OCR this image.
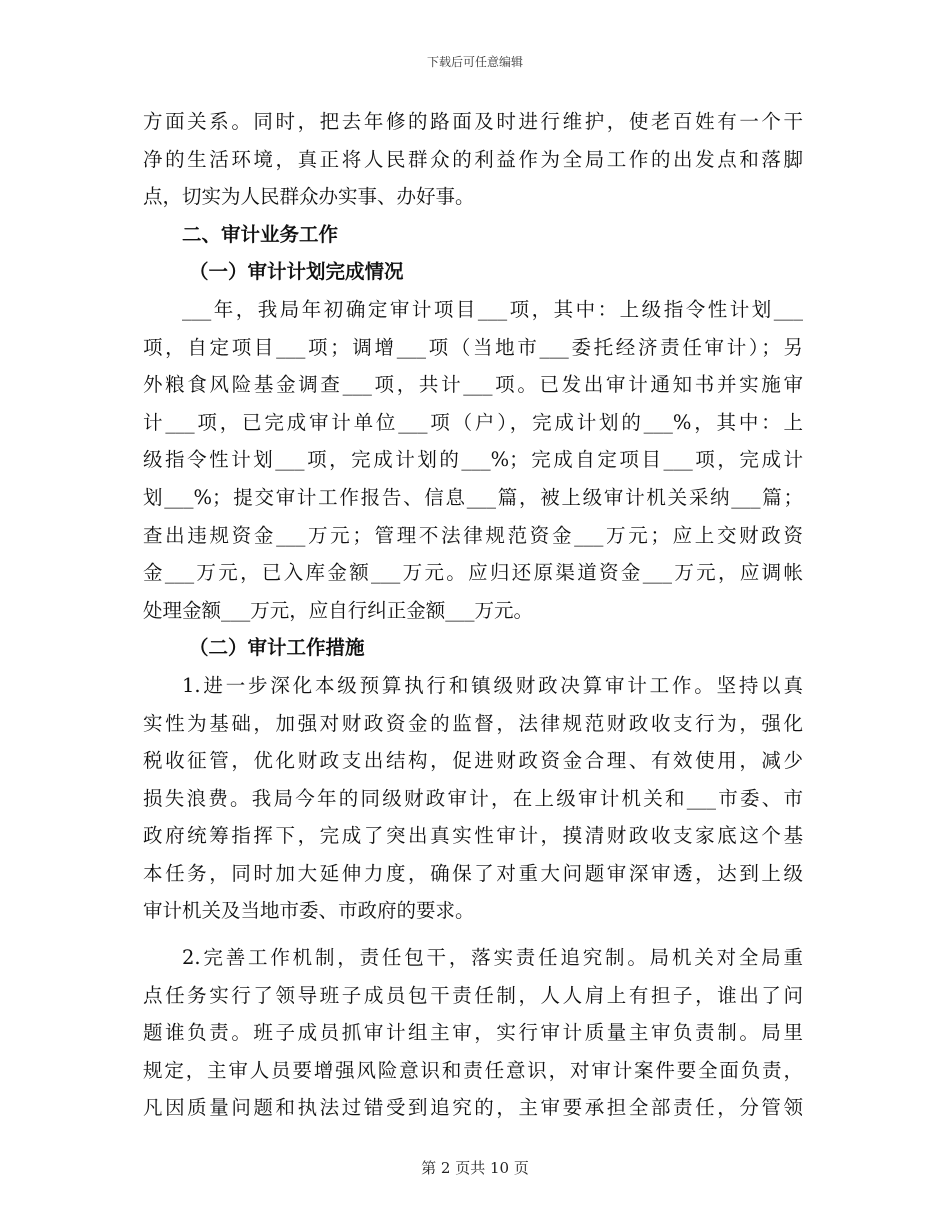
下载后可任意编辑
方面关系。同时，把去年修的路面及时进行维护，使老百姓有一个干
净的生活环境，真正将人民群众的利益作为全局工作的出发点和落脚
点，切实为人民群众办实事、办好事。
二、审计业务工作
（一）审计计划完成情况
___年，我局年初确定审计项目___项，其中：上级指令性计划___
项，自定项目___项；调增___项（当地市___委托经济责任审计）；另
外粮食风险基金调查___项，共计___项。已发出审计通知书并实施审
计___项，已完成审计单位___项（户），完成计划的___%，其中：上
级指令性计划___项，完成计划的___%；完成自定项目___项，完成计
划___%；提交审计工作报告、信息___篇，被上级审计机关采纳___篇；
查出违规资金___万元；管理不法律规范资金___万元；应上交财政资
金___万元，已入库金额___万元。应归还原渠道资金___万元，应调帐
处理金额___万元，应自行纠正金额___万元。
（二）审计工作措施
1.进一步深化本级预算执行和镇级财政决算审计工作。坚持以真
实性为基础，加强对财政资金的监督，法律规范财政收支行为，强化
税收征管，优化财政支出结构，促进财政资金合理、有效使用，减少
损失浪费。我局今年的同级财政审计，在上级审计机关和___市委、市
政府统筹指挥下，完成了突出真实性审计，摸清财政收支家底这个基
本任务，同时加大延伸力度，确保了对重大问题审深审透，达到上级
审计机关及当地市委、市政府的要求。
2.完善工作机制，责任包干，落实责任追究制。局机关对全局重
点任务实行了领导班子成员包干责任制，人人肩上有担子，谁出了问
题谁负责。班子成员抓审计组主审，实行审计质量主审负责制。局里
规定，主审人员要增强风险意识和责任意识，对审计案件要全面负责，
凡因质量问题和执法过错受到追究的，主审要承担全部责任，分管领
第 2 页共 10 页
